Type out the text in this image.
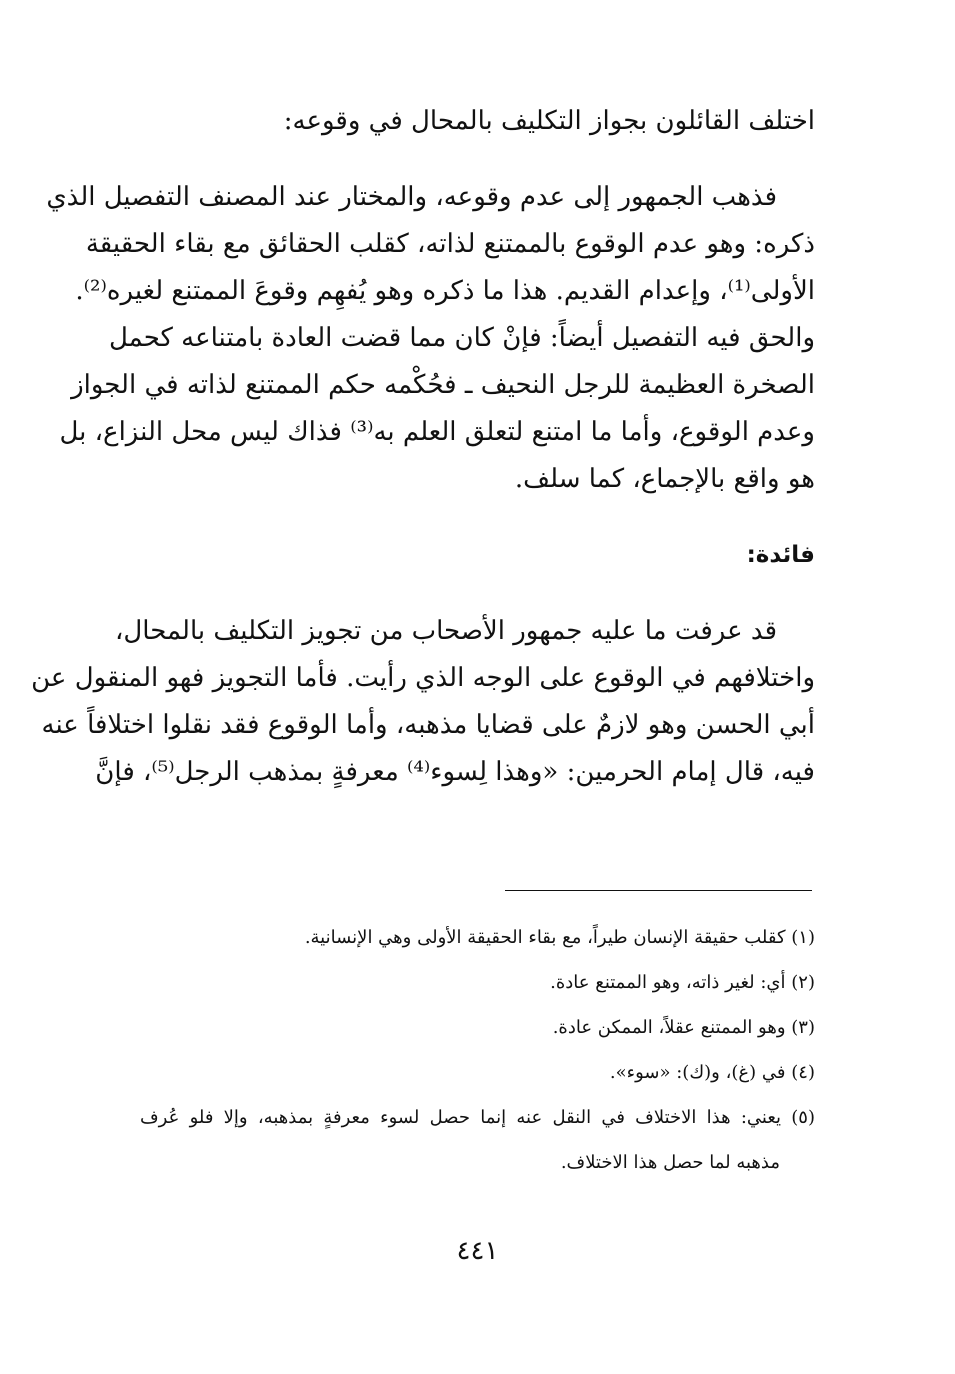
اختلف القائلون بجواز التكليف بالمحال في وقوعه:

فذهب الجمهور إلى عدم وقوعه، والمختار عند المصنف التفصيل الذي

ذكره: وهو عدم الوقوع بالممتنع لذاته، كقلب الحقائق مع بقاء الحقيقة

الأولى⁽¹⁾، وإعدام القديم. هذا ما ذكره وهو يُفهِم وقوعَ الممتنع لغيره⁽²⁾.

والحق فيه التفصيل أيضاً: فإنْ كان مما قضت العادة بامتناعه كحمل

الصخرة العظيمة للرجل النحيف ـ فحُكْمه حكم الممتنع لذاته في الجواز

وعدم الوقوع، وأما ما امتنع لتعلق العلم به⁽³⁾ فذاك ليس محل النزاع، بل

هو واقع بالإجماع، كما سلف.

فائدة:

قد عرفت ما عليه جمهور الأصحاب من تجويز التكليف بالمحال،

واختلافهم في الوقوع على الوجه الذي رأيت. فأما التجويز فهو المنقول عن

أبي الحسن وهو لازمٌ على قضايا مذهبه، وأما الوقوع فقد نقلوا اختلافاً عنه

فيه، قال إمام الحرمين: «وهذا لِسوء⁽⁴⁾ معرفةٍ بمذهب الرجل⁽⁵⁾، فإنَّ

(١) كقلب حقيقة الإنسان طيراً، مع بقاء الحقيقة الأولى وهي الإنسانية.

(٢) أي: لغير ذاته، وهو الممتنع عادة.

(٣) وهو الممتنع عقلاً، الممكن عادة.

(٤) في (غ)، و(ك): «سوء».

(٥) يعني: هذا الاختلاف في النقل عنه إنما حصل لسوء معرفةٍ بمذهبه، وإلا فلو عُرف

مذهبه لما حصل هذا الاختلاف.

٤٤١
